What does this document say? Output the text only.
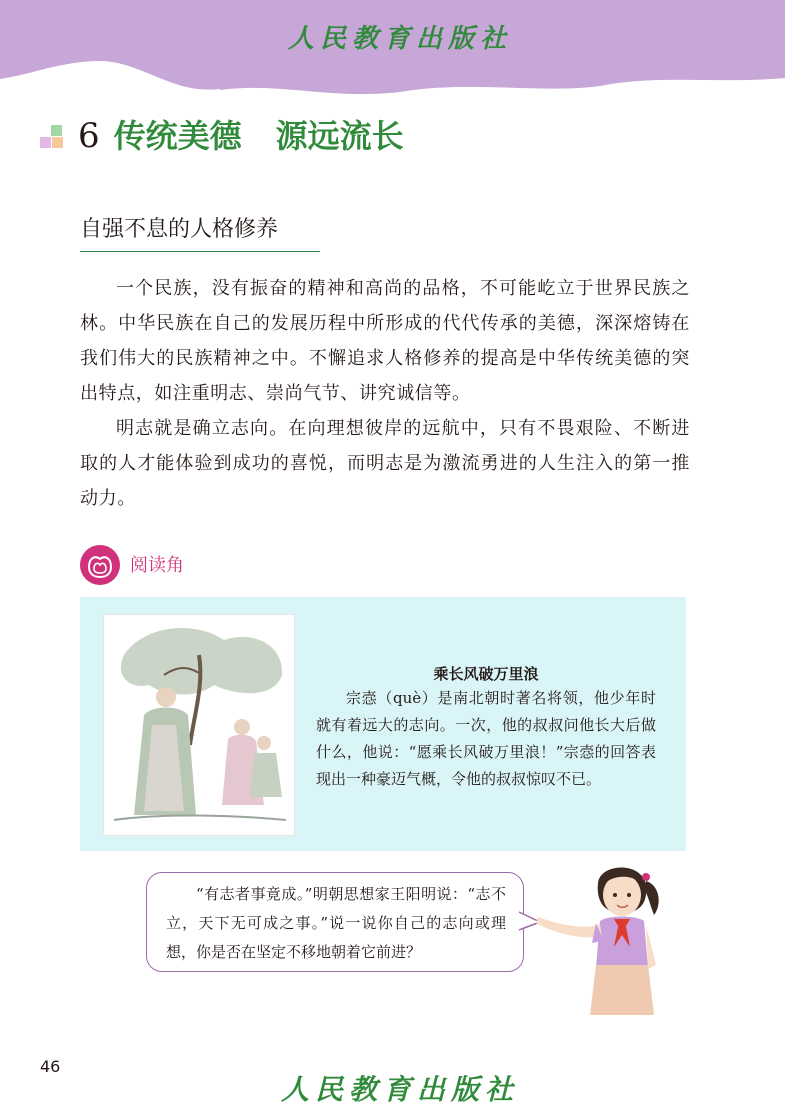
人民教育出版社
6 传统美德 源远流长
自强不息的人格修养

一个民族，没有振奋的精神和高尚的品格，不可能屹立于世界民族之林。中华民族在自己的发展历程中所形成的代代传承的美德，深深熔铸在我们伟大的民族精神之中。不懈追求人格修养的提高是中华传统美德的突出特点，如注重明志、崇尚气节、讲究诚信等。

明志就是确立志向。在向理想彼岸的远航中，只有不畏艰险、不断进取的人才能体验到成功的喜悦，而明志是为激流勇进的人生注入的第一推动力。

阅读角
乘长风破万里浪

宗悫（què）是南北朝时著名将领，他少年时就有着远大的志向。一次，他的叔叔问他长大后做什么，他说：“愿乘长风破万里浪！”宗悫的回答表现出一种豪迈气概，令他的叔叔惊叹不已。

“有志者事竟成。”明朝思想家王阳明说：“志不立，天下无可成之事。”说一说你自己的志向或理想，你是否在坚定不移地朝着它前进？

46
人民教育出版社
